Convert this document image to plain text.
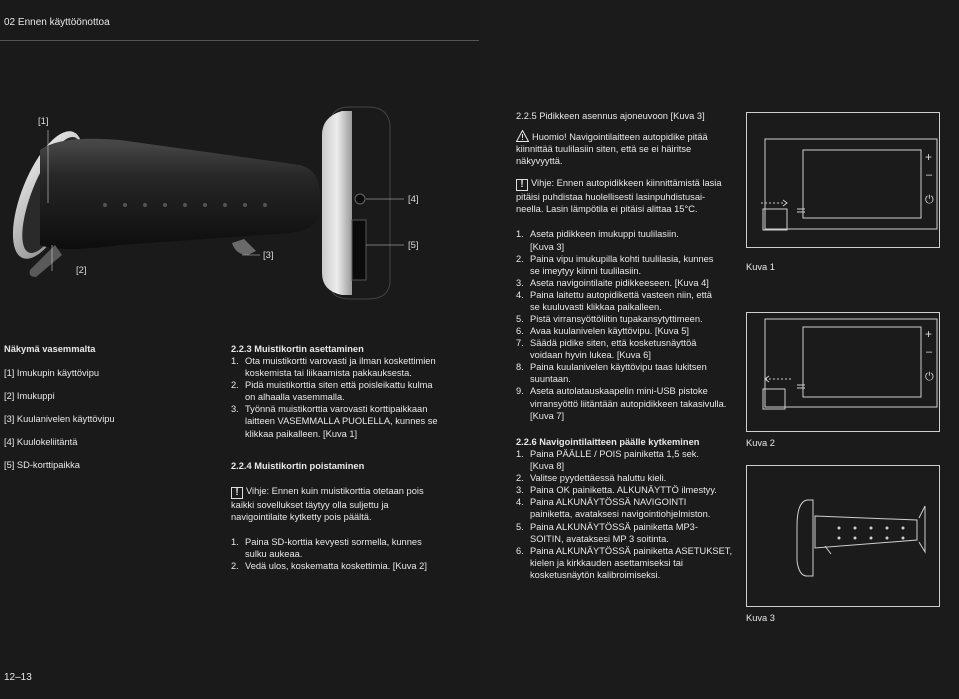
02 Ennen käyttöönottoa
12–13
[1]
[2]
[3]
[4]
[5]
Näkymä vasemmalta
[1] Imukupin käyttövipu
[2] Imukuppi
[3] Kuulanivelen käyttövipu
[4] Kuulokeliitäntä
[5] SD-korttipaikka
2.2.3 Muistikortin asettaminen
1. Ota muistikortti varovasti ja ilman koskettimien
koskemista tai liikaamista pakkauksesta.
2. Pidä muistikorttia siten että poisleikattu kulma
on alhaalla vasemmalla.
3. Työnnä muistikorttia varovasti korttipaikkaan
laitteen VASEMMALLA PUOLELLA, kunnes se
klikkaa paikalleen. [Kuva 1]
2.2.4 Muistikortin poistaminen
! Vihje: Ennen kuin muistikorttia otetaan pois
kaikki sovellukset täytyy olla suljettu ja
navigointilaite kytketty pois päältä.
1. Paina SD-korttia kevyesti sormella, kunnes
sulku aukeaa.
2. Vedä ulos, koskematta koskettimia. [Kuva 2]
2.2.5 Pidikkeen asennus ajoneuvoon [Kuva 3]
Huomio! Navigointilaitteen autopidike pitää
kiinnittää tuulilasiin siten, että se ei häiritse
näkyvyyttä.
! Vihje: Ennen autopidikkeen kiinnittämistä lasia
pitäisi puhdistaa huolellisesti lasinpuhdistusai-
neella. Lasin lämpötila ei pitäisi alittaa 15°C.
1. Aseta pidikkeen imukuppi tuulilasiin.
[Kuva 3]
2. Paina vipu imukupilla kohti tuulilasia, kunnes
se imeytyy kiinni tuulilasiin.
3. Aseta navigointilaite pidikkeeseen. [Kuva 4]
4. Paina laitettu autopidikettä vasteen niin, että
se kuuluvasti klikkaa paikalleen.
5. Pistä virransyöttöliitin tupakansytyttimeen.
6. Avaa kuulanivelen käyttövipu. [Kuva 5]
7. Säädä pidike siten, että kosketusnäyttöä
voidaan hyvin lukea. [Kuva 6]
8. Paina kuulanivelen käyttövipu taas lukitsen
suuntaan.
9. Aseta autolatauskaapelin mini-USB pistoke
virransyöttö liitäntään autopidikkeen takasivulla.
[Kuva 7]
2.2.6 Navigointilaitteen päälle kytkeminen
1. Paina PÄÄLLE / POIS painiketta 1,5 sek.
[Kuva 8]
2. Valitse pyydettäessä haluttu kieli.
3. Paina OK painiketta. ALKUNÄYTTÖ ilmestyy.
4. Paina ALKUNÄYTÖSSÄ NAVIGOINTI
painiketta, avataksesi navigointiohjelmiston.
5. Paina ALKUNÄYTÖSSÄ painiketta MP3-
SOITIN, avataksesi MP 3 soitinta.
6. Paina ALKUNÄYTÖSSÄ painiketta ASETUKSET,
kielen ja kirkkauden asettamiseksi tai
kosketusnäytön kalibroimiseksi.
+
–
⏻
Kuva 1
+
–
⏻
Kuva 2
Kuva 3
